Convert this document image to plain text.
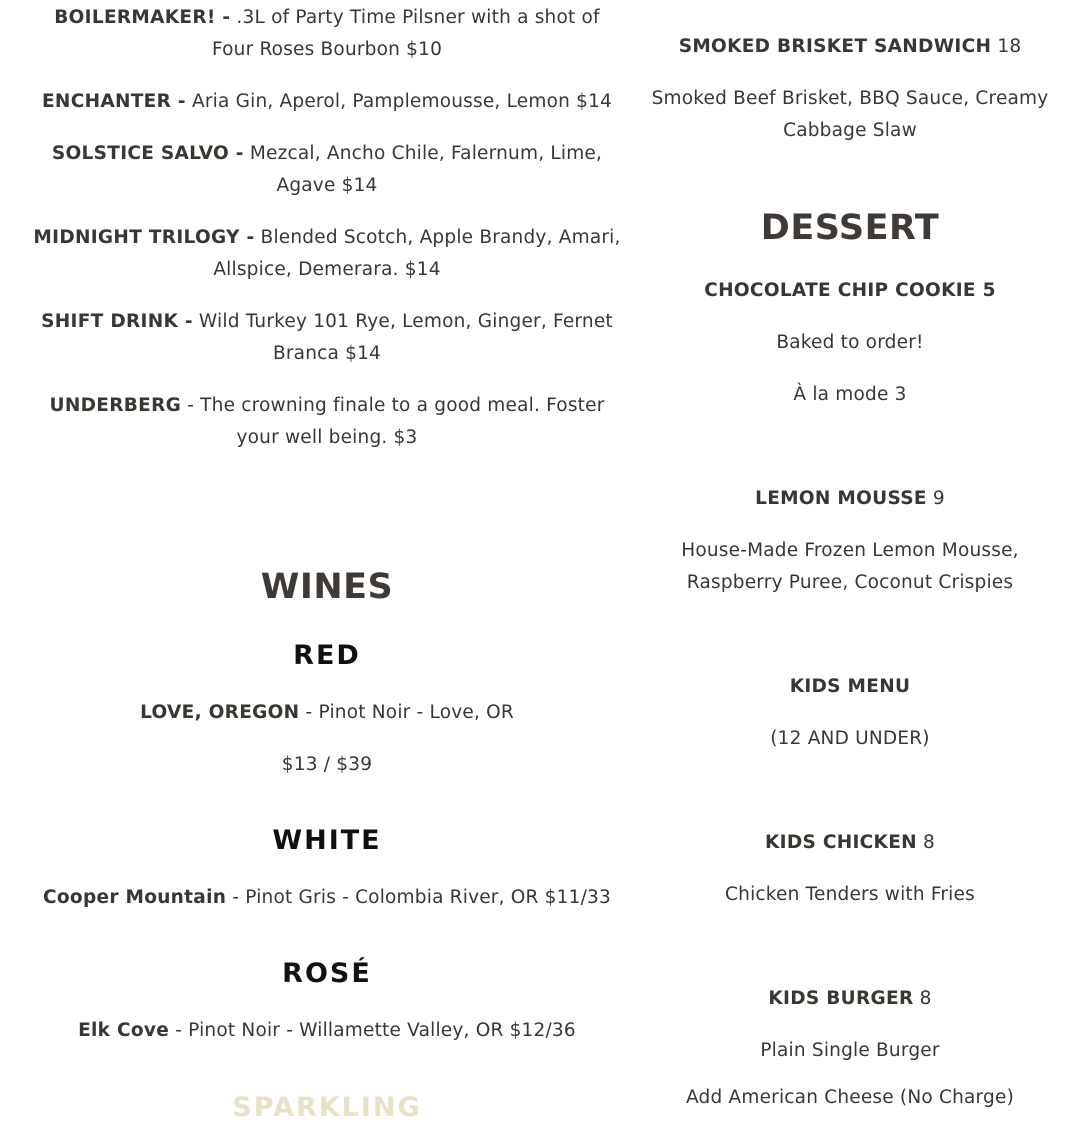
BOILERMAKER! - .3L of Party Time Pilsner with a shot of Four Roses Bourbon $10

ENCHANTER - Aria Gin, Aperol, Pamplemousse, Lemon $14

SOLSTICE SALVO - Mezcal, Ancho Chile, Falernum, Lime, Agave $14

MIDNIGHT TRILOGY - Blended Scotch, Apple Brandy, Amari, Allspice, Demerara. $14

SHIFT DRINK - Wild Turkey 101 Rye, Lemon, Ginger, Fernet Branca $14

UNDERBERG - The crowning finale to a good meal. Foster your well being. $3

WINES
RED

LOVE, OREGON - Pinot Noir - Love, OR

$13 / $39

WHITE

Cooper Mountain - Pinot Gris - Colombia River, OR $11/33

ROSÉ

Elk Cove - Pinot Noir - Willamette Valley, OR $12/36

SPARKLING

SMOKED BRISKET SANDWICH 18

Smoked Beef Brisket, BBQ Sauce, Creamy Cabbage Slaw

DESSERT

CHOCOLATE CHIP COOKIE 5

Baked to order!

À la mode 3

LEMON MOUSSE 9

House-Made Frozen Lemon Mousse, Raspberry Puree, Coconut Crispies

KIDS MENU

(12 AND UNDER)

KIDS CHICKEN 8

Chicken Tenders with Fries

KIDS BURGER 8

Plain Single Burger

Add American Cheese (No Charge)
